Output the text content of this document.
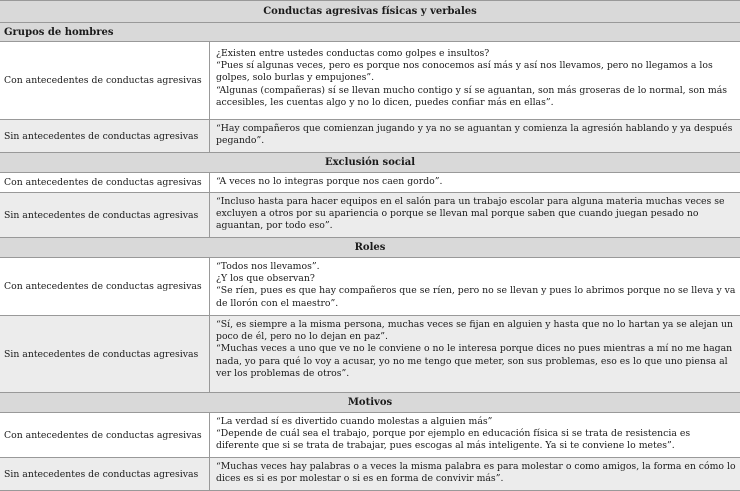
Conductas agresivas físicas y verbales
Grupos de hombres
Con antecedentes de conductas agresivas
¿Existen entre ustedes conductas como golpes e insultos?
“Pues sí algunas veces, pero es porque nos conocemos así más y así nos llevamos, pero no llegamos a los golpes, solo burlas y empujones”.
“Algunas (compañeras) sí se llevan mucho contigo y sí se aguantan, son más groseras de lo normal, son más accesibles, les cuentas algo y no lo dicen, puedes confiar más en ellas”.
Sin antecedentes de conductas agresivas
“Hay compañeros que comienzan jugando y ya no se aguantan y comienza la agresión hablando y ya después pegando”.
Exclusión social
Con antecedentes de conductas agresivas	“A veces no lo integras porque nos caen gordo”.
Sin antecedentes de conductas agresivas
“Incluso hasta para hacer equipos en el salón para un trabajo escolar para alguna materia muchas veces se excluyen a otros por su apariencia o porque se llevan mal porque saben que cuando juegan pesado no aguantan, por todo eso”.
Roles
Con antecedentes de conductas agresivas
“Todos nos llevamos”.
¿Y los que observan?
“Se ríen, pues es que hay compañeros que se ríen, pero no se llevan y pues lo abrimos porque no se lleva y va de llorón con el maestro”.
Sin antecedentes de conductas agresivas
“Sí, es siempre a la misma persona, muchas veces se fijan en alguien y hasta que no lo hartan ya se alejan un poco de él, pero no lo dejan en paz”.
“Muchas veces a uno que ve no le conviene o no le interesa porque dices no pues mientras a mí no me hagan nada, yo para qué lo voy a acusar, yo no me tengo que meter, son sus problemas, eso es lo que uno piensa al ver los problemas de otros”.
Motivos
Con antecedentes de conductas agresivas
“La verdad sí es divertido cuando molestas a alguien más”
“Depende de cuál sea el trabajo, porque por ejemplo en educación física si se trata de resistencia es diferente que si se trata de trabajar, pues escogas al más inteligente. Ya si te conviene lo metes”.
Sin antecedentes de conductas agresivas
“Muchas veces hay palabras o a veces la misma palabra es para molestar o como amigos, la forma en cómo lo dices es si es por molestar o si es en forma de convivir más”.
